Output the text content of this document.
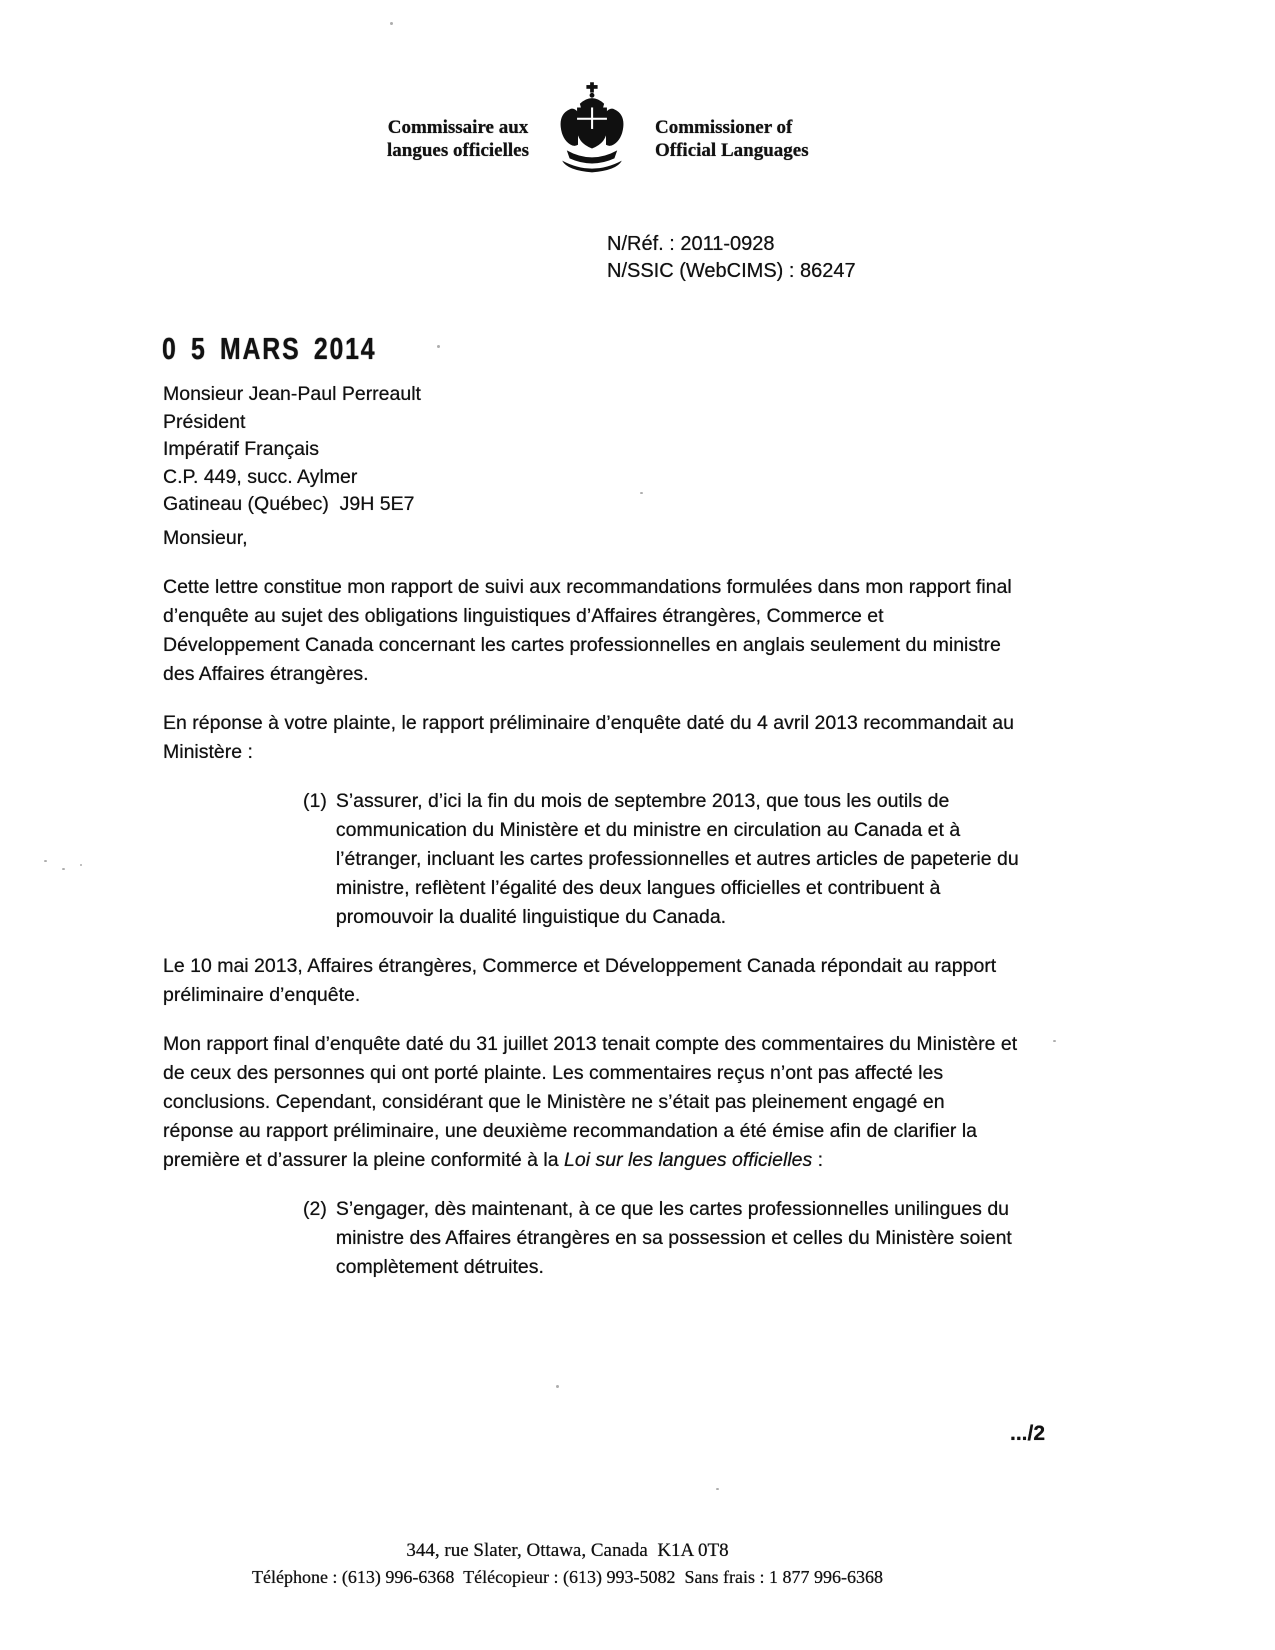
Commissaire aux
langues officielles
Commissioner of
Official Languages
N/Réf. : 2011-0928
N/SSIC (WebCIMS) : 86247
0 5 MARS 2014
Monsieur Jean-Paul Perreault
Président
Impératif Français
C.P. 449, succ. Aylmer
Gatineau (Québec)  J9H 5E7

Monsieur,

Cette lettre constitue mon rapport de suivi aux recommandations formulées dans mon rapport final d’enquête au sujet des obligations linguistiques d’Affaires étrangères, Commerce et Développement Canada concernant les cartes professionnelles en anglais seulement du ministre des Affaires étrangères.

En réponse à votre plainte, le rapport préliminaire d’enquête daté du 4 avril 2013 recommandait au Ministère :

(1) S’assurer, d’ici la fin du mois de septembre 2013, que tous les outils de communication du Ministère et du ministre en circulation au Canada et à l’étranger, incluant les cartes professionnelles et autres articles de papeterie du ministre, reflètent l’égalité des deux langues officielles et contribuent à promouvoir la dualité linguistique du Canada.

Le 10 mai 2013, Affaires étrangères, Commerce et Développement Canada répondait au rapport préliminaire d’enquête.

Mon rapport final d’enquête daté du 31 juillet 2013 tenait compte des commentaires du Ministère et de ceux des personnes qui ont porté plainte. Les commentaires reçus n’ont pas affecté les conclusions. Cependant, considérant que le Ministère ne s’était pas pleinement engagé en réponse au rapport préliminaire, une deuxième recommandation a été émise afin de clarifier la première et d’assurer la pleine conformité à la Loi sur les langues officielles :

(2) S’engager, dès maintenant, à ce que les cartes professionnelles unilingues du ministre des Affaires étrangères en sa possession et celles du Ministère soient complètement détruites.
.../2
344, rue Slater, Ottawa, Canada  K1A 0T8
Téléphone : (613) 996-6368  Télécopieur : (613) 993-5082  Sans frais : 1 877 996-6368
